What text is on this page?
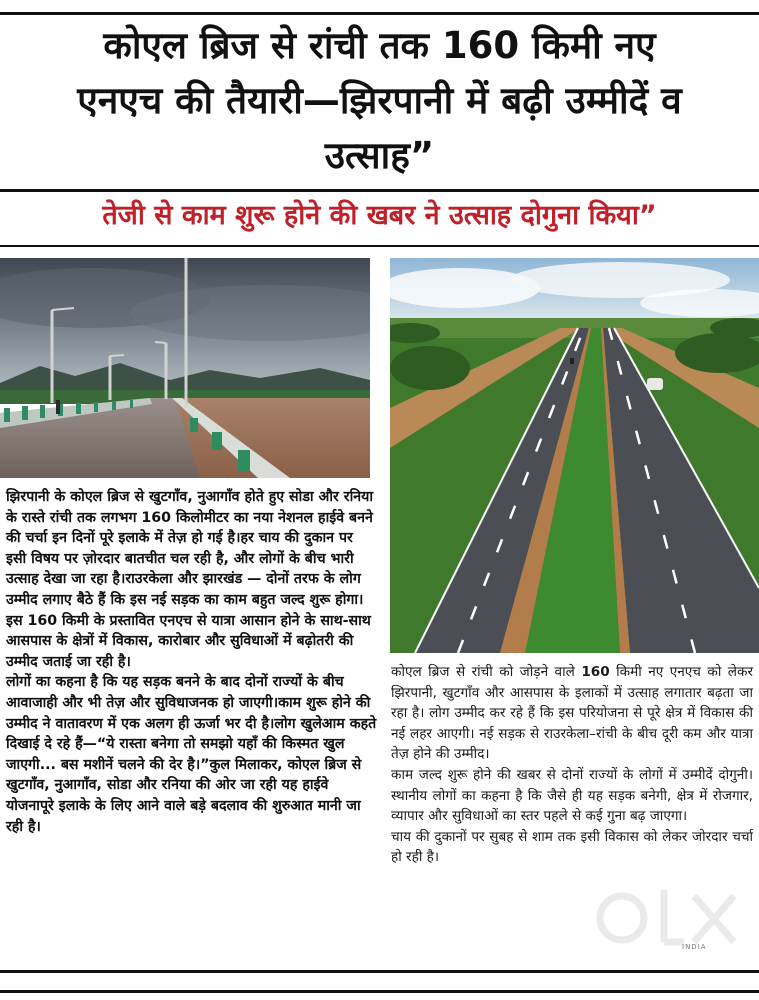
कोएल ब्रिज से रांची तक 160 किमी नए
एनएच की तैयारी—झिरपानी में बढ़ी उम्मीदें व
उत्साह”
तेजी से काम शुरू होने की खबर ने उत्साह दोगुना किया”

झिरपानी के कोएल ब्रिज से खुटगाँव, नुआगाँव होते हुए सोडा और रनिया के रास्ते रांची तक लगभग 160 किलोमीटर का नया नेशनल हाईवे बनने की चर्चा इन दिनों पूरे इलाके में तेज़ हो गई है।हर चाय की दुकान पर इसी विषय पर ज़ोरदार बातचीत चल रही है, और लोगों के बीच भारी उत्साह देखा जा रहा है।राउरकेला और झारखंड — दोनों तरफ के लोग उम्मीद लगाए बैठे हैं कि इस नई सड़क का काम बहुत जल्द शुरू होगा।इस 160 किमी के प्रस्तावित एनएच से यात्रा आसान होने के साथ-साथ आसपास के क्षेत्रों में विकास, कारोबार और सुविधाओं में बढ़ोतरी की उम्मीद जताई जा रही है।

लोगों का कहना है कि यह सड़क बनने के बाद दोनों राज्यों के बीच आवाजाही और भी तेज़ और सुविधाजनक हो जाएगी।काम शुरू होने की उम्मीद ने वातावरण में एक अलग ही ऊर्जा भर दी है।लोग खुलेआम कहते दिखाई दे रहे हैं—“ये रास्ता बनेगा तो समझो यहाँ की किस्मत खुल जाएगी... बस मशीनें चलने की देर है।”कुल मिलाकर, कोएल ब्रिज से खुटगाँव, नुआगाँव, सोडा और रनिया की ओर जा रही यह हाईवे योजनापूरे इलाके के लिए आने वाले बड़े बदलाव की शुरुआत मानी जा रही है।

कोएल ब्रिज से रांची को जोड़ने वाले 160 किमी नए एनएच को लेकर झिरपानी, खुटगाँव और आसपास के इलाकों में उत्साह लगातार बढ़ता जा रहा है। लोग उम्मीद कर रहे हैं कि इस परियोजना से पूरे क्षेत्र में विकास की नई लहर आएगी। नई सड़क से राउरकेला–रांची के बीच दूरी कम और यात्रा तेज़ होने की उम्मीद।

काम जल्द शुरू होने की खबर से दोनों राज्यों के लोगों में उम्मीदें दोगुनी।स्थानीय लोगों का कहना है कि जैसे ही यह सड़क बनेगी, क्षेत्र में रोजगार, व्यापार और सुविधाओं का स्तर पहले से कई गुना बढ़ जाएगा।

चाय की दुकानों पर सुबह से शाम तक इसी विकास को लेकर जोरदार चर्चा हो रही है।

INDIA
